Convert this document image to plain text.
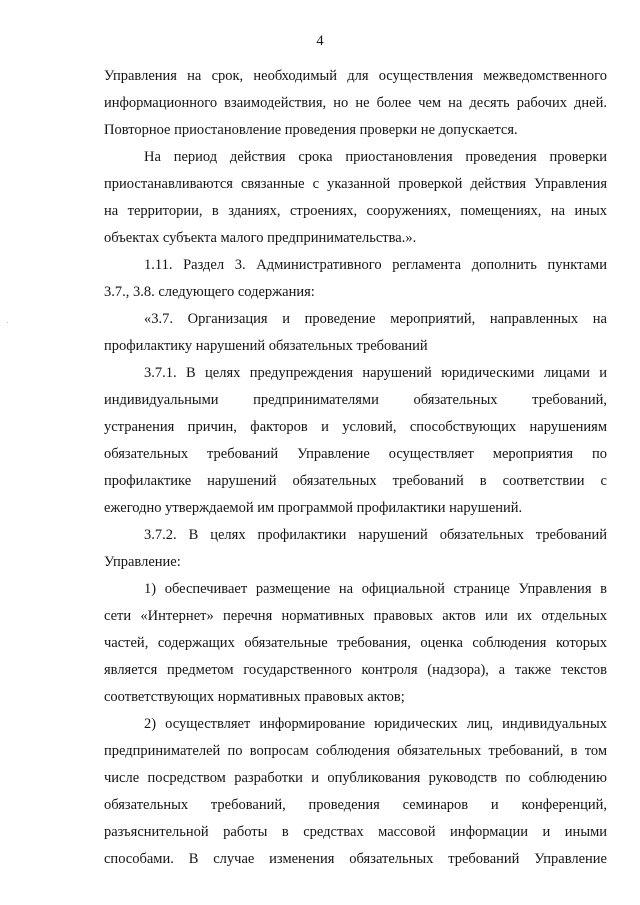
4
Управления на срок, необходимый для осуществления межведомственного
информационного взаимодействия, но не более чем на десять рабочих дней.
Повторное приостановление проведения проверки не допускается.
На период действия срока приостановления проведения проверки
приостанавливаются связанные с указанной проверкой действия Управления
на территории, в зданиях, строениях, сооружениях, помещениях, на иных
объектах субъекта малого предпринимательства.».
1.11. Раздел 3. Административного регламента дополнить пунктами
3.7., 3.8. следующего содержания:
«3.7. Организация и проведение мероприятий, направленных на
профилактику нарушений обязательных требований
3.7.1. В целях предупреждения нарушений юридическими лицами и
индивидуальными предпринимателями обязательных требований,
устранения причин, факторов и условий, способствующих нарушениям
обязательных требований Управление осуществляет мероприятия по
профилактике нарушений обязательных требований в соответствии с
ежегодно утверждаемой им программой профилактики нарушений.
3.7.2. В целях профилактики нарушений обязательных требований
Управление:
1) обеспечивает размещение на официальной странице Управления в
сети «Интернет» перечня нормативных правовых актов или их отдельных
частей, содержащих обязательные требования, оценка соблюдения которых
является предметом государственного контроля (надзора), а также текстов
соответствующих нормативных правовых актов;
2) осуществляет информирование юридических лиц, индивидуальных
предпринимателей по вопросам соблюдения обязательных требований, в том
числе посредством разработки и опубликования руководств по соблюдению
обязательных требований, проведения семинаров и конференций,
разъяснительной работы в средствах массовой информации и иными
способами. В случае изменения обязательных требований Управление
